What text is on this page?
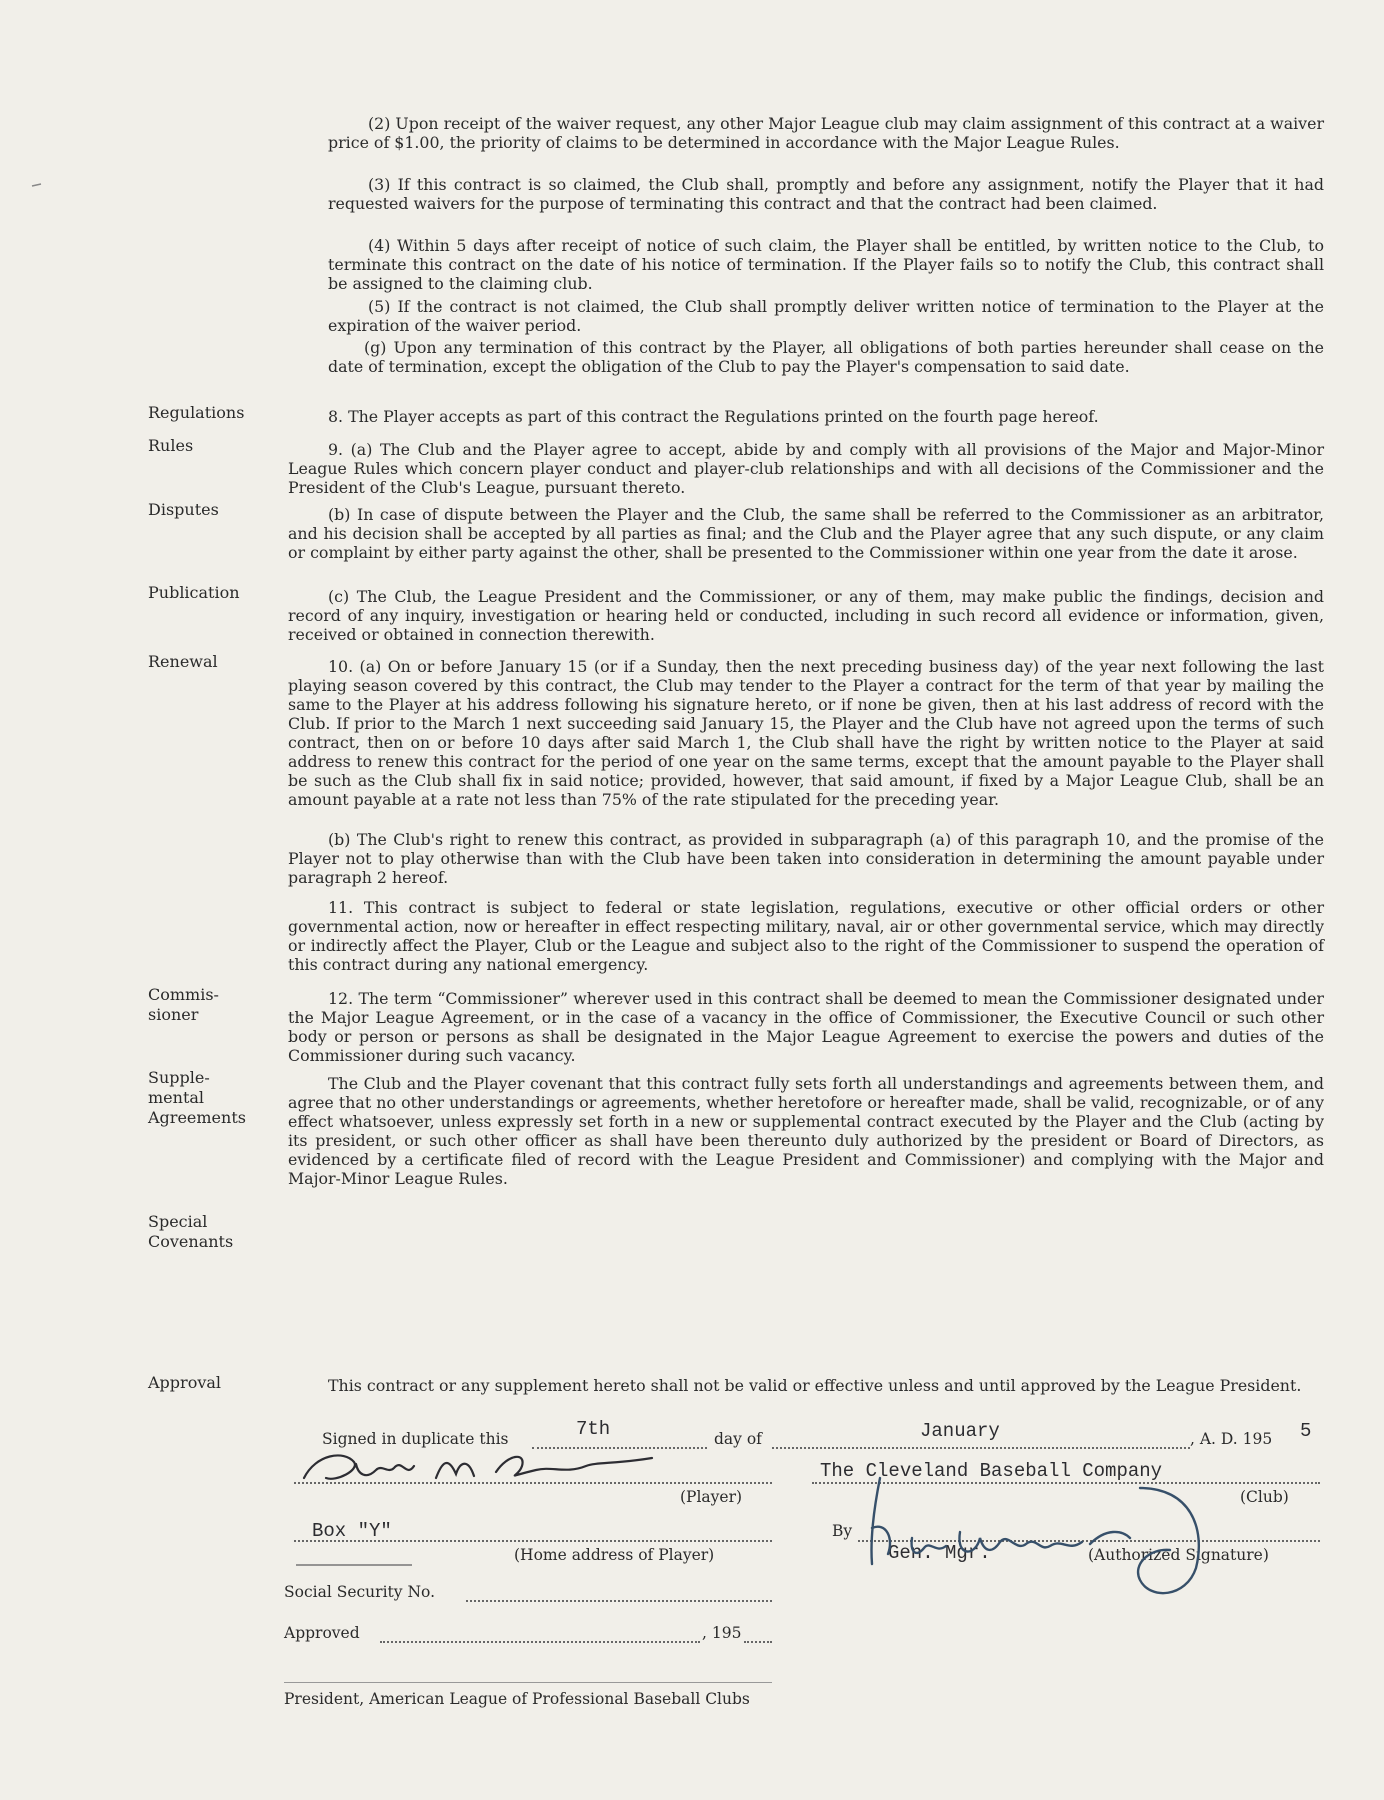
(2) Upon receipt of the waiver request, any other Major League club may claim assignment of this contract at a waiver price of $1.00, the priority of claims to be determined in accordance with the Major League Rules.
(3) If this contract is so claimed, the Club shall, promptly and before any assignment, notify the Player that it had requested waivers for the purpose of terminating this contract and that the contract had been claimed.
(4) Within 5 days after receipt of notice of such claim, the Player shall be entitled, by written notice to the Club, to terminate this contract on the date of his notice of termination. If the Player fails so to notify the Club, this contract shall be assigned to the claiming club.
(5) If the contract is not claimed, the Club shall promptly deliver written notice of termination to the Player at the expiration of the waiver period.
(g) Upon any termination of this contract by the Player, all obligations of both parties hereunder shall cease on the date of termination, except the obligation of the Club to pay the Player's compensation to said date.
Regulations	8. The Player accepts as part of this contract the Regulations printed on the fourth page hereof.
Rules	9. (a) The Club and the Player agree to accept, abide by and comply with all provisions of the Major and Major-Minor League Rules which concern player conduct and player-club relationships and with all decisions of the Commissioner and the President of the Club's League, pursuant thereto.
Disputes	(b) In case of dispute between the Player and the Club, the same shall be referred to the Commissioner as an arbitrator, and his decision shall be accepted by all parties as final; and the Club and the Player agree that any such dispute, or any claim or complaint by either party against the other, shall be presented to the Commissioner within one year from the date it arose.
Publication	(c) The Club, the League President and the Commissioner, or any of them, may make public the findings, decision and record of any inquiry, investigation or hearing held or conducted, including in such record all evidence or information, given, received or obtained in connection therewith.
Renewal	10. (a) On or before January 15 (or if a Sunday, then the next preceding business day) of the year next following the last playing season covered by this contract, the Club may tender to the Player a contract for the term of that year by mailing the same to the Player at his address following his signature hereto, or if none be given, then at his last address of record with the Club. If prior to the March 1 next succeeding said January 15, the Player and the Club have not agreed upon the terms of such contract, then on or before 10 days after said March 1, the Club shall have the right by written notice to the Player at said address to renew this contract for the period of one year on the same terms, except that the amount payable to the Player shall be such as the Club shall fix in said notice; provided, however, that said amount, if fixed by a Major League Club, shall be an amount payable at a rate not less than 75% of the rate stipulated for the preceding year.
(b) The Club's right to renew this contract, as provided in subparagraph (a) of this paragraph 10, and the promise of the Player not to play otherwise than with the Club have been taken into consideration in determining the amount payable under paragraph 2 hereof.
11. This contract is subject to federal or state legislation, regulations, executive or other official orders or other governmental action, now or hereafter in effect respecting military, naval, air or other governmental service, which may directly or indirectly affect the Player, Club or the League and subject also to the right of the Commissioner to suspend the operation of this contract during any national emergency.
Commis-
sioner
12. The term “Commissioner” wherever used in this contract shall be deemed to mean the Commissioner designated under the Major League Agreement, or in the case of a vacancy in the office of Commissioner, the Executive Council or such other body or person or persons as shall be designated in the Major League Agreement to exercise the powers and duties of the Commissioner during such vacancy.
Supple-
mental
Agreements
The Club and the Player covenant that this contract fully sets forth all understandings and agreements between them, and agree that no other understandings or agreements, whether heretofore or hereafter made, shall be valid, recognizable, or of any effect whatsoever, unless expressly set forth in a new or supplemental contract executed by the Player and the Club (acting by its president, or such other officer as shall have been thereunto duly authorized by the president or Board of Directors, as evidenced by a certificate filed of record with the League President and Commissioner) and complying with the Major and Major-Minor League Rules.
Special
Covenants
Approval	This contract or any supplement hereto shall not be valid or effective unless and until approved by the League President.
Signed in duplicate this	7th	day of	January	, A. D. 195 5
(Player)
The Cleveland Baseball Company
(Club)
Box "Y"
(Home address of Player)
By
Gen. Mgr.	(Authorized Signature)
Social Security No.
Approved	, 195
President, American League of Professional Baseball Clubs
